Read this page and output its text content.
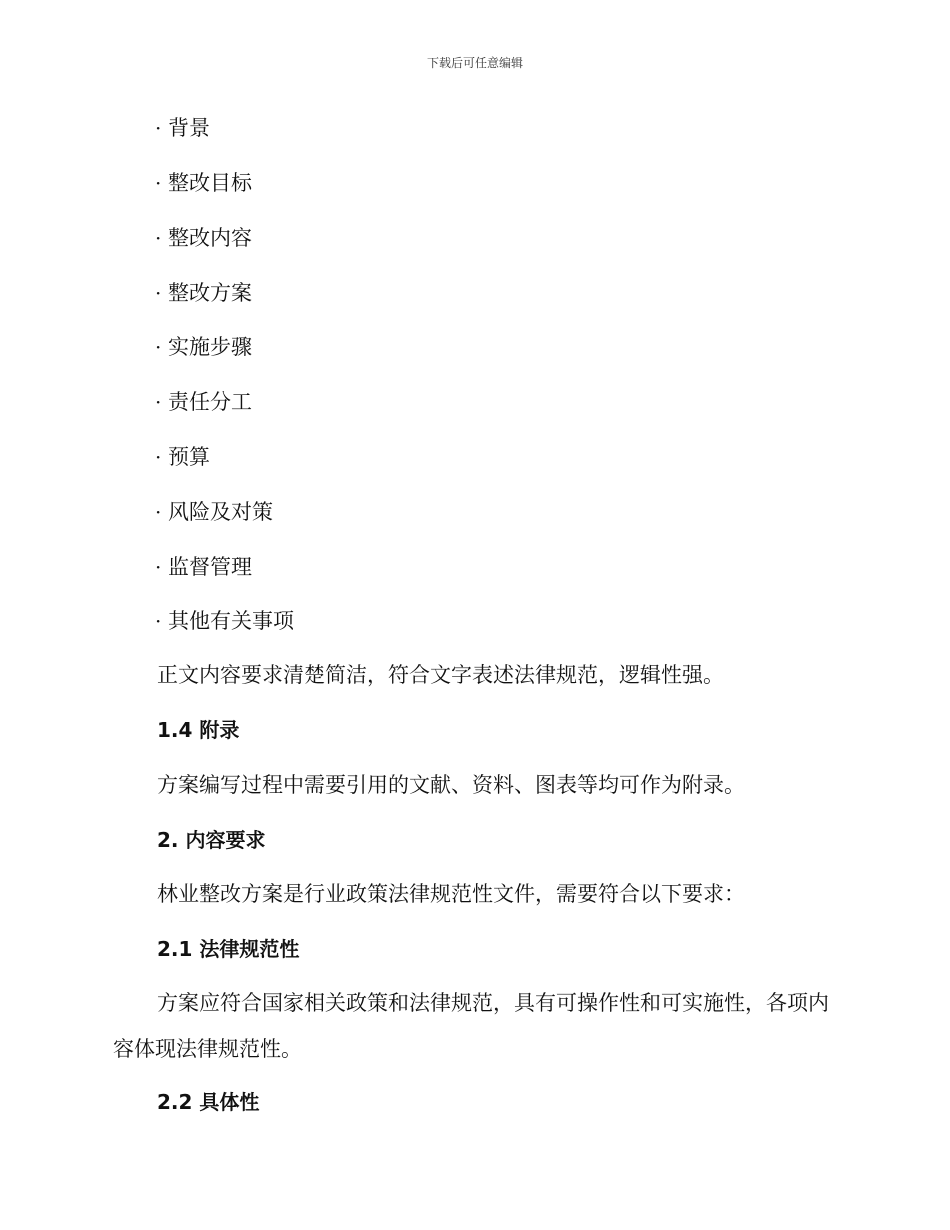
下载后可任意编辑
· 背景
· 整改目标
· 整改内容
· 整改方案
· 实施步骤
· 责任分工
· 预算
· 风险及对策
· 监督管理
· 其他有关事项
正文内容要求清楚简洁，符合文字表述法律规范，逻辑性强。
1.4 附录
方案编写过程中需要引用的文献、资料、图表等均可作为附录。
2. 内容要求
林业整改方案是行业政策法律规范性文件，需要符合以下要求：
2.1 法律规范性
方案应符合国家相关政策和法律规范，具有可操作性和可实施性，各项内容体现法律规范性。
2.2 具体性
